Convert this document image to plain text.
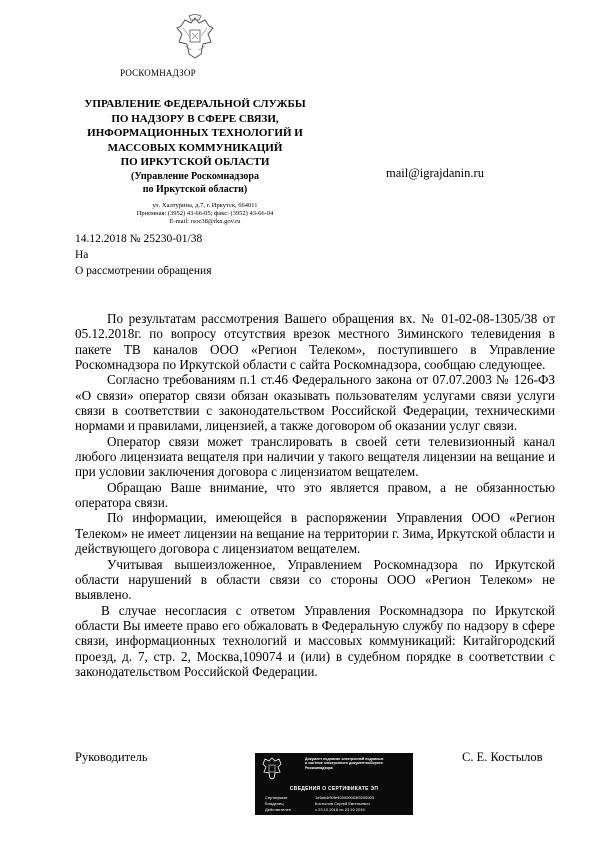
РОСКОМНАДЗОР
УПРАВЛЕНИЕ ФЕДЕРАЛЬНОЙ СЛУЖБЫ
ПО НАДЗОРУ В СФЕРЕ СВЯЗИ,
ИНФОРМАЦИОННЫХ ТЕХНОЛОГИЙ И
МАССОВЫХ КОММУНИКАЦИЙ
ПО ИРКУТСКОЙ ОБЛАСТИ
(Управление Роскомнадзора
по Иркутской области)
ул. Халтурина, д.7, г. Иркутск, 664011
Приемная: (3952) 43-66-05; факс: (3952) 43-66-04
E-mail: rsoc38@rkn.gov.ru
mail@igrajdanin.ru
14.12.2018 № 25230-01/38
На
О рассмотрении обращения

По результатам рассмотрения Вашего обращения вх. № 01-02-08-1305/38 от 05.12.2018г. по вопросу отсутствия врезок местного Зиминского телевидения в пакете ТВ каналов ООО «Регион Телеком», поступившего в Управление Роскомнадзора по Иркутской области с сайта Роскомнадзора, сообщаю следующее.

Согласно требованиям п.1 ст.46 Федерального закона от 07.07.2003 № 126-ФЗ «О связи» оператор связи обязан оказывать пользователям услугами связи услуги связи в соответствии с законодательством Российской Федерации, техническими нормами и правилами, лицензией, а также договором об оказании услуг связи.

Оператор связи может транслировать в своей сети телевизионный канал любого лицензиата вещателя при наличии у такого вещателя лицензии на вещание и при условии заключения договора с лицензиатом вещателем.

Обращаю Ваше внимание, что это является правом, а не обязанностью оператора связи.

По информации, имеющейся в распоряжении Управления ООО «Регион Телеком» не имеет лицензии на вещание на территории г. Зима, Иркутской области и действующего договора с лицензиатом вещателем.

Учитывая вышеизложенное, Управлением Роскомнадзора по Иркутской области нарушений в области связи со стороны ООО «Регион Телеком» не выявлено.

В случае несогласия с ответом Управления Роскомнадзора по Иркутской области Вы имеете право его обжаловать в Федеральную службу по надзору в сфере связи, информационных технологий и массовых коммуникаций: Китайгородский проезд, д. 7, стр. 2, Москва,109074 и (или) в судебном порядке в соответствии с законодательством Российской Федерации.

Руководитель	Документ подписан электронной подписью
в системе электронного документооборота
Роскомнадзора
СВЕДЕНИЯ О СЕРТИФИКАТЕ ЭП
Сертификат	1e5ab4f90fe400000003f9200003
Владелец	Костылов Сергей Евгеньевич
Действителен	с 23.10.2018 по 23.10.2019
С. Е. Костылов
